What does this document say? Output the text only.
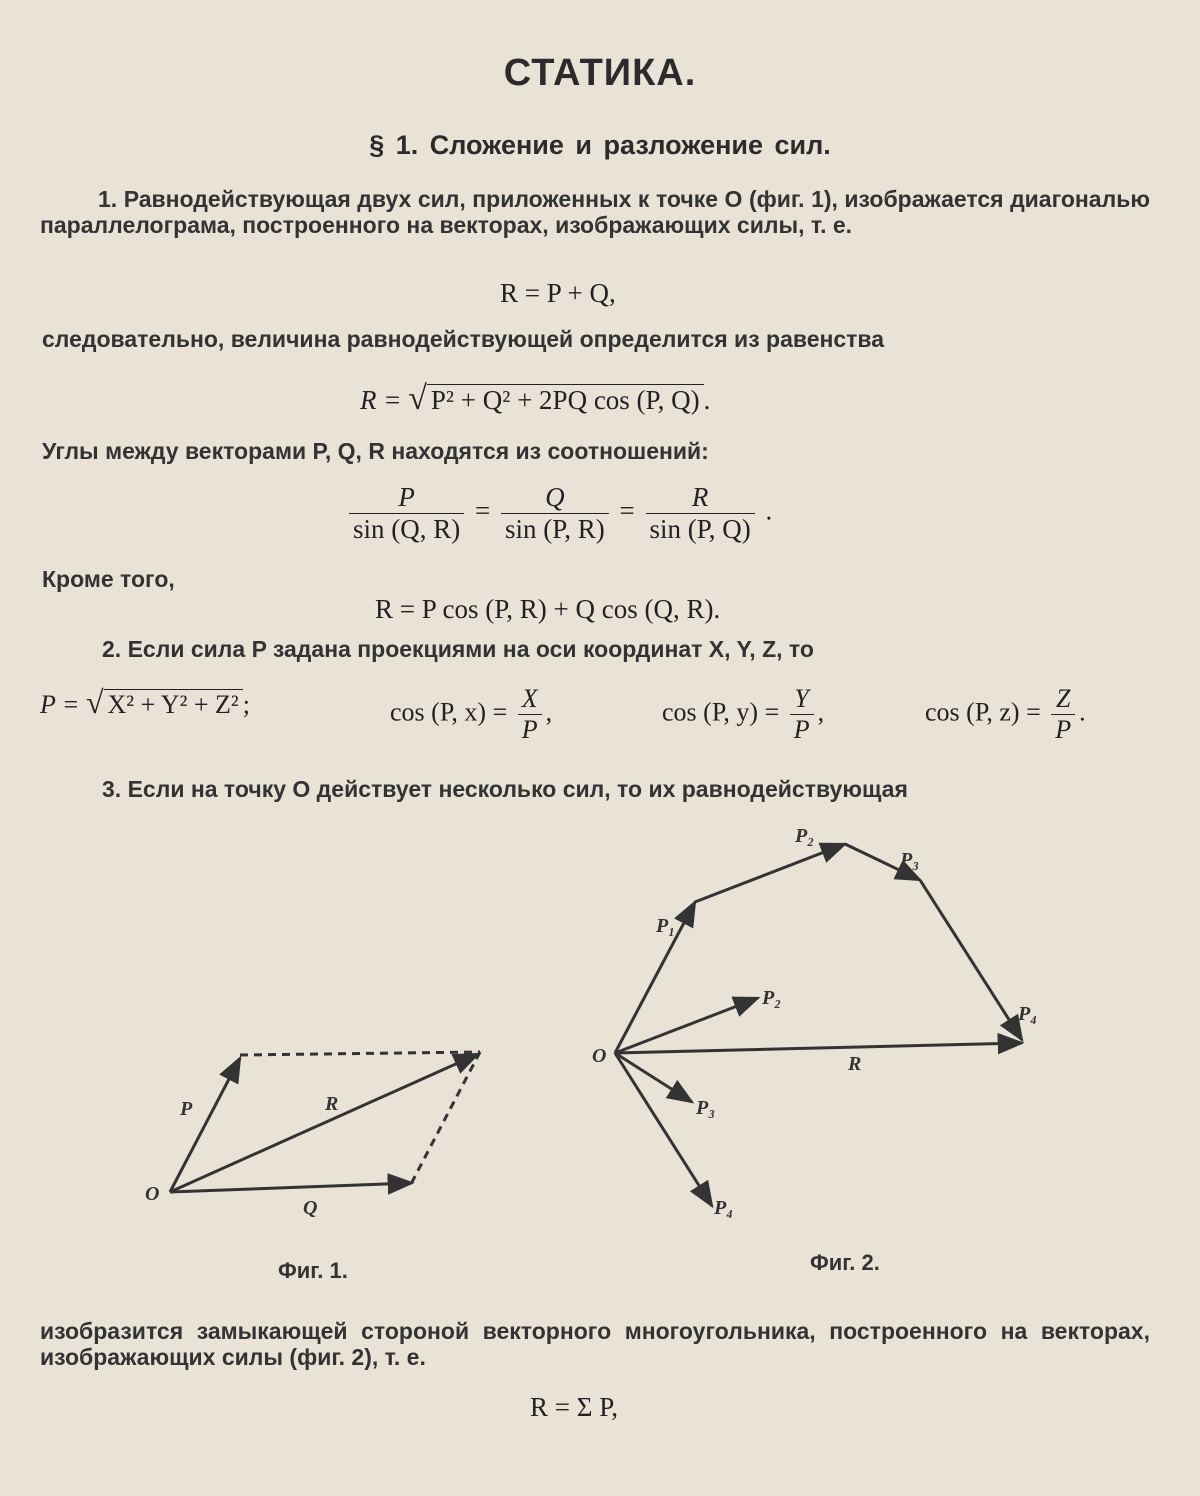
СТАТИКА.
§ 1. Сложение и разложение сил.
1. Равнодействующая двух сил, приложенных к точке O (фиг. 1), изображается диагональю параллелограма, построенного на векторах, изображающих силы, т. е.
R = P + Q,
следовательно, величина равнодействующей определится из равенства
R = √ P² + Q² + 2PQ cos (P, Q) .
Углы между векторами P, Q, R находятся из соотношений:
$\frac{P}{\sin (Q, R)} = \frac{Q}{\sin (P, R)} = \frac{R}{\sin (P, Q)}$ .
Кроме того,
R = P cos (P, R) + Q cos (Q, R).
2. Если сила P задана проекциями на оси координат X, Y, Z, то
P = √ X² + Y² + Z² ;	cos (P, $x) = \frac{X}{P}$ ,	cos (P, $y) = \frac{Y}{P}$ ,	cos (P, $z) = \frac{Z}{P}$ .
3. Если на точку O действует несколько сил, то их равнодействующая
O
P	R
Q
O	R
P₁
P₂
P₃
P₄
P₂
P₃
P₄
Фиг. 1.	Фиг. 2.
изобразится замыкающей стороной векторного многоугольника, построенного на векторах, изображающих силы (фиг. 2), т. е.
R = Σ P,
